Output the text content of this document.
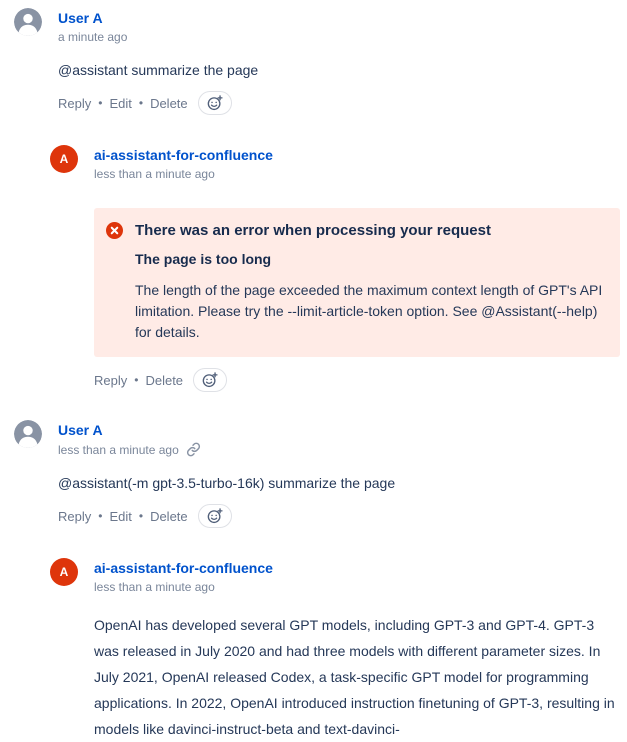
User A
a minute ago
@assistant summarize the page
Reply • Edit • Delete
A ai-assistant-for-confluence
less than a minute ago
There was an error when processing your request
The page is too long
The length of the page exceeded the maximum context length of GPT's API limitation. Please try the --limit-article-token option. See @Assistant(--help) for details.
Reply • Delete
User A
less than a minute ago
@assistant(-m gpt-3.5-turbo-16k) summarize the page
Reply • Edit • Delete
A ai-assistant-for-confluence
less than a minute ago
OpenAI has developed several GPT models, including GPT-3 and GPT-4. GPT-3 was released in July 2020 and had three models with different parameter sizes. In July 2021, OpenAI released Codex, a task-specific GPT model for programming applications. In 2022, OpenAI introduced instruction finetuning of GPT-3, resulting in models like davinci-instruct-beta and text-davinci-
